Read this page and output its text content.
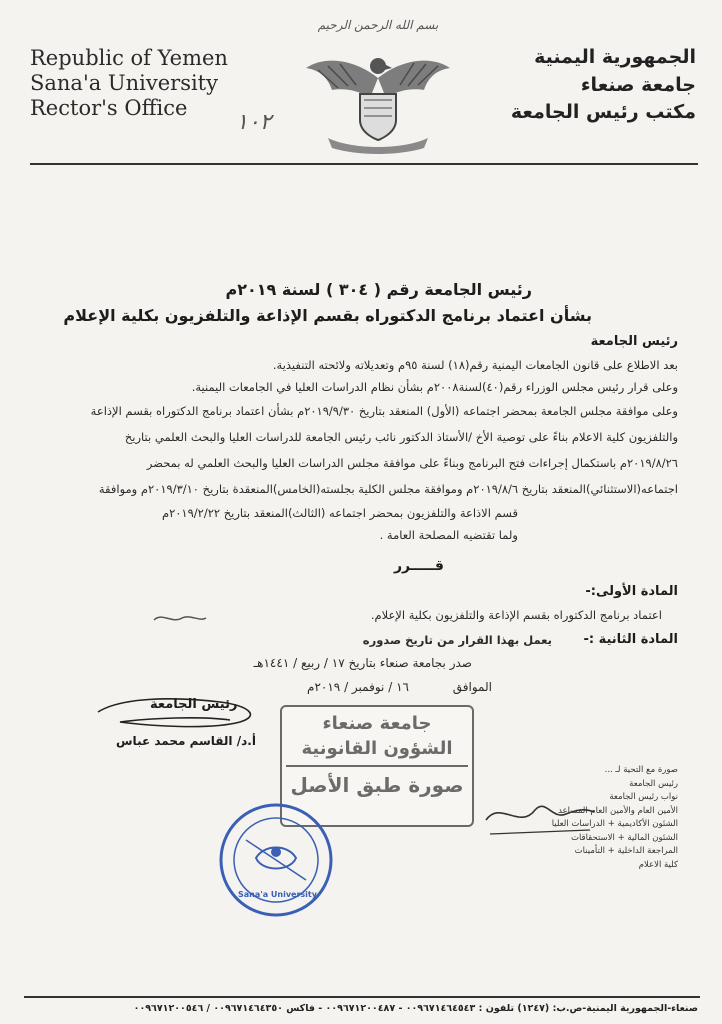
Republic of Yemen
Sana'a University
Rector's Office
بسم الله الرحمن الرحيم
الجمهورية اليمنية
جامعة صنعاء
مكتب رئيس الجامعة
١٠٢
رئيس الجامعة رقم ( ٣٠٤ ) لسنة ٢٠١٩م
بشأن اعتماد برنامج الدكتوراه بقسم الإذاعة والتلفزيون بكلية الإعلام
رئيس الجامعة
بعد الاطلاع على قانون الجامعات اليمنية رقم(١٨) لسنة ٩٥م وتعديلاته ولائحته التنفيذية.
وعلى قرار رئيس مجلس الوزراء رقم(٤٠)لسنة٢٠٠٨م بشأن نظام الدراسات العليا في الجامعات اليمنية.
وعلى موافقة مجلس الجامعة بمحضر اجتماعه (الأول) المنعقد بتاريخ ٢٠١٩/٩/٣٠م بشأن اعتماد برنامج الدكتوراه بقسم الإذاعة
والتلفزيون كلية الاعلام بناءً على توصية الأخ /الأستاذ الدكتور نائب رئيس الجامعة للدراسات العليا والبحث العلمي بتاريخ
٢٠١٩/٨/٢٦م باستكمال إجراءات فتح البرنامج وبناءً على موافقة مجلس الدراسات العليا والبحث العلمي له بمحضر
اجتماعه(الاستثنائي)المنعقد بتاريخ ٢٠١٩/٨/٦م وموافقة مجلس الكلية بجلسته(الخامس)المنعقدة بتاريخ ٢٠١٩/٣/١٠م وموافقة
قسم الاذاعة والتلفزيون بمحضر اجتماعه (الثالث)المنعقد بتاريخ ٢٠١٩/٢/٢٢م
ولما تقتضيه المصلحة العامة .
قـــــرر
المادة الأولى:-
اعتماد برنامج الدكتوراه بقسم الإذاعة والتلفزيون بكلية الإعلام.
المادة الثانية :-
يعمل بهذا القرار من تاريخ صدوره
صدر بجامعة صنعاء بتاريخ ١٧ / ربيع / ١٤٤١هـ
الموافق ١٦ / نوفمبر / ٢٠١٩م
رئيس الجامعة
أ.د/ القاسم محمد عباس
جامعة صنعاء
الشؤون القانونية
صورة طبق الأصل
Sana'a University
صورة مع التحية لـ ...
رئيس الجامعة
نواب رئيس الجامعة
الأمين العام والأمين العام المساعد
الشئون الأكاديمية + الدراسات العليا
الشئون المالية + الاستحقاقات
المراجعة الداخلية + التأمينات
كلية الاعلام
صنعاء-الجمهورية اليمنية-ص.ب: (١٢٤٧) تلفون : ٠٠٩٦٧١٤٦٤٥٤٣ - ٠٠٩٦٧١٢٠٠٤٨٧ - فاكس ٠٠٩٦٧١٤٦٤٣٥٠ / ٠٠٩٦٧١٢٠٠٥٤٦
